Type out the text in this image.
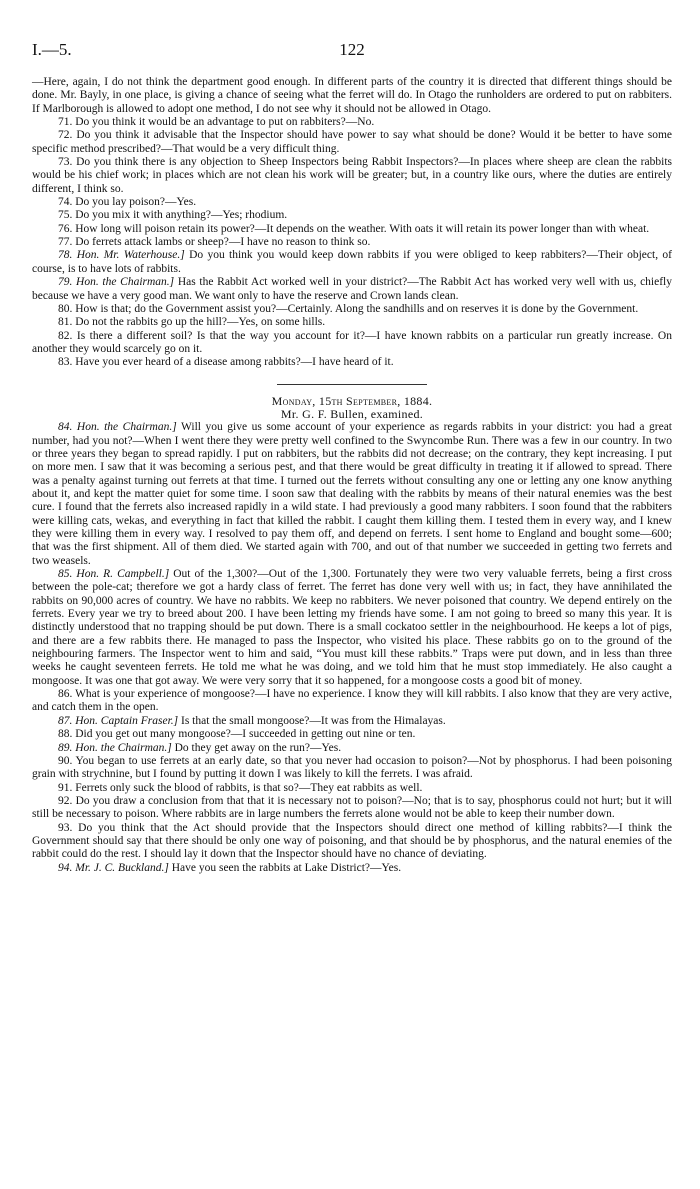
I.—5.	122

—Here, again, I do not think the department good enough. In different parts of the country it is directed that different things should be done. Mr. Bayly, in one place, is giving a chance of seeing what the ferret will do. In Otago the runholders are ordered to put on rabbiters. If Marlborough is allowed to adopt one method, I do not see why it should not be allowed in Otago.

71. Do you think it would be an advantage to put on rabbiters?—No.

72. Do you think it advisable that the Inspector should have power to say what should be done? Would it be better to have some specific method prescribed?—That would be a very difficult thing.

73. Do you think there is any objection to Sheep Inspectors being Rabbit Inspectors?—In places where sheep are clean the rabbits would be his chief work; in places which are not clean his work will be greater; but, in a country like ours, where the duties are entirely different, I think so.

74. Do you lay poison?—Yes.

75. Do you mix it with anything?—Yes; rhodium.

76. How long will poison retain its power?—It depends on the weather. With oats it will retain its power longer than with wheat.

77. Do ferrets attack lambs or sheep?—I have no reason to think so.

78. Hon. Mr. Waterhouse.] Do you think you would keep down rabbits if you were obliged to keep rabbiters?—Their object, of course, is to have lots of rabbits.

79. Hon. the Chairman.] Has the Rabbit Act worked well in your district?—The Rabbit Act has worked very well with us, chiefly because we have a very good man. We want only to have the reserve and Crown lands clean.

80. How is that; do the Government assist you?—Certainly. Along the sandhills and on reserves it is done by the Government.

81. Do not the rabbits go up the hill?—Yes, on some hills.

82. Is there a different soil? Is that the way you account for it?—I have known rabbits on a particular run greatly increase. On another they would scarcely go on it.

83. Have you ever heard of a disease among rabbits?—I have heard of it.

Monday, 15th September, 1884.

Mr. G. F. Bullen, examined.

84. Hon. the Chairman.] Will you give us some account of your experience as regards rabbits in your district: you had a great number, had you not?—When I went there they were pretty well confined to the Swyncombe Run. There was a few in our country. In two or three years they began to spread rapidly. I put on rabbiters, but the rabbits did not decrease; on the contrary, they kept increasing. I put on more men. I saw that it was becoming a serious pest, and that there would be great difficulty in treating it if allowed to spread. There was a penalty against turning out ferrets at that time. I turned out the ferrets without consulting any one or letting any one know anything about it, and kept the matter quiet for some time. I soon saw that dealing with the rabbits by means of their natural enemies was the best cure. I found that the ferrets also increased rapidly in a wild state. I had previously a good many rabbiters. I soon found that the rabbiters were killing cats, wekas, and everything in fact that killed the rabbit. I caught them killing them. I tested them in every way, and I knew they were killing them in every way. I resolved to pay them off, and depend on ferrets. I sent home to England and bought some—600; that was the first shipment. All of them died. We started again with 700, and out of that number we succeeded in getting two ferrets and two weasels.

85. Hon. R. Campbell.] Out of the 1,300?—Out of the 1,300. Fortunately they were two very valuable ferrets, being a first cross between the pole-cat; therefore we got a hardy class of ferret. The ferret has done very well with us; in fact, they have annihilated the rabbits on 90,000 acres of country. We have no rabbits. We keep no rabbiters. We never poisoned that country. We depend entirely on the ferrets. Every year we try to breed about 200. I have been letting my friends have some. I am not going to breed so many this year. It is distinctly understood that no trapping should be put down. There is a small cockatoo settler in the neighbourhood. He keeps a lot of pigs, and there are a few rabbits there. He managed to pass the Inspector, who visited his place. These rabbits go on to the ground of the neighbouring farmers. The Inspector went to him and said, “You must kill these rabbits.” Traps were put down, and in less than three weeks he caught seventeen ferrets. He told me what he was doing, and we told him that he must stop immediately. He also caught a mongoose. It was one that got away. We were very sorry that it so happened, for a mongoose costs a good bit of money.

86. What is your experience of mongoose?—I have no experience. I know they will kill rabbits. I also know that they are very active, and catch them in the open.

87. Hon. Captain Fraser.] Is that the small mongoose?—It was from the Himalayas.

88. Did you get out many mongoose?—I succeeded in getting out nine or ten.

89. Hon. the Chairman.] Do they get away on the run?—Yes.

90. You began to use ferrets at an early date, so that you never had occasion to poison?—Not by phosphorus. I had been poisoning grain with strychnine, but I found by putting it down I was likely to kill the ferrets. I was afraid.

91. Ferrets only suck the blood of rabbits, is that so?—They eat rabbits as well.

92. Do you draw a conclusion from that that it is necessary not to poison?—No; that is to say, phosphorus could not hurt; but it will still be necessary to poison. Where rabbits are in large numbers the ferrets alone would not be able to keep their number down.

93. Do you think that the Act should provide that the Inspectors should direct one method of killing rabbits?—I think the Government should say that there should be only one way of poisoning, and that should be by phosphorus, and the natural enemies of the rabbit could do the rest. I should lay it down that the Inspector should have no chance of deviating.

94. Mr. J. C. Buckland.] Have you seen the rabbits at Lake District?—Yes.
